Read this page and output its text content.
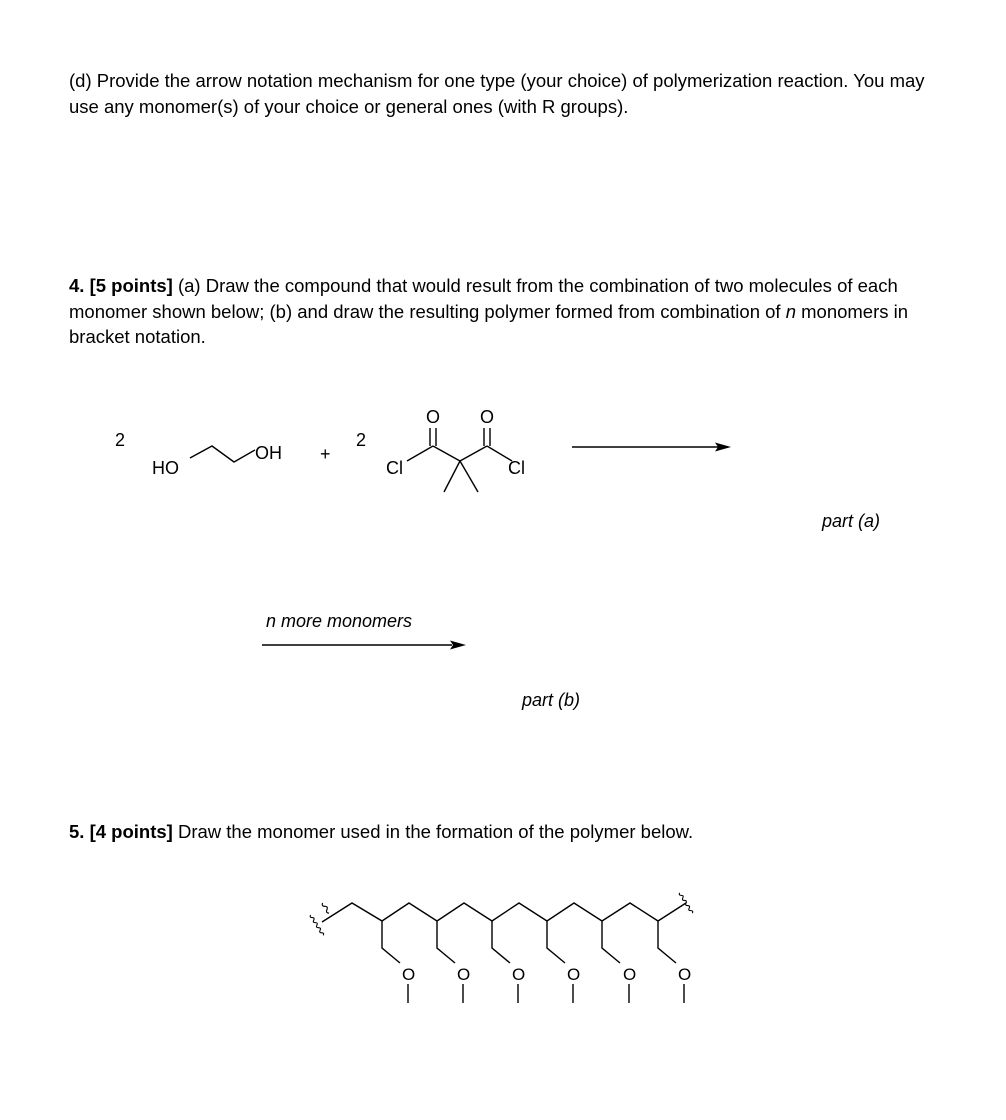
(d) Provide the arrow notation mechanism for one type (your choice) of polymerization reaction. You may use any monomer(s) of your choice or general ones (with R groups).

4. [5 points] (a) Draw the compound that would result from the combination of two molecules of each monomer shown below; (b) and draw the resulting polymer formed from combination of n monomers in bracket notation.

2	2
+
HO
OH
O O
Cl	Cl
O O O O	O O
part (a)
n more monomers
part (b)

5. [4 points] Draw the monomer used in the formation of the polymer below.
